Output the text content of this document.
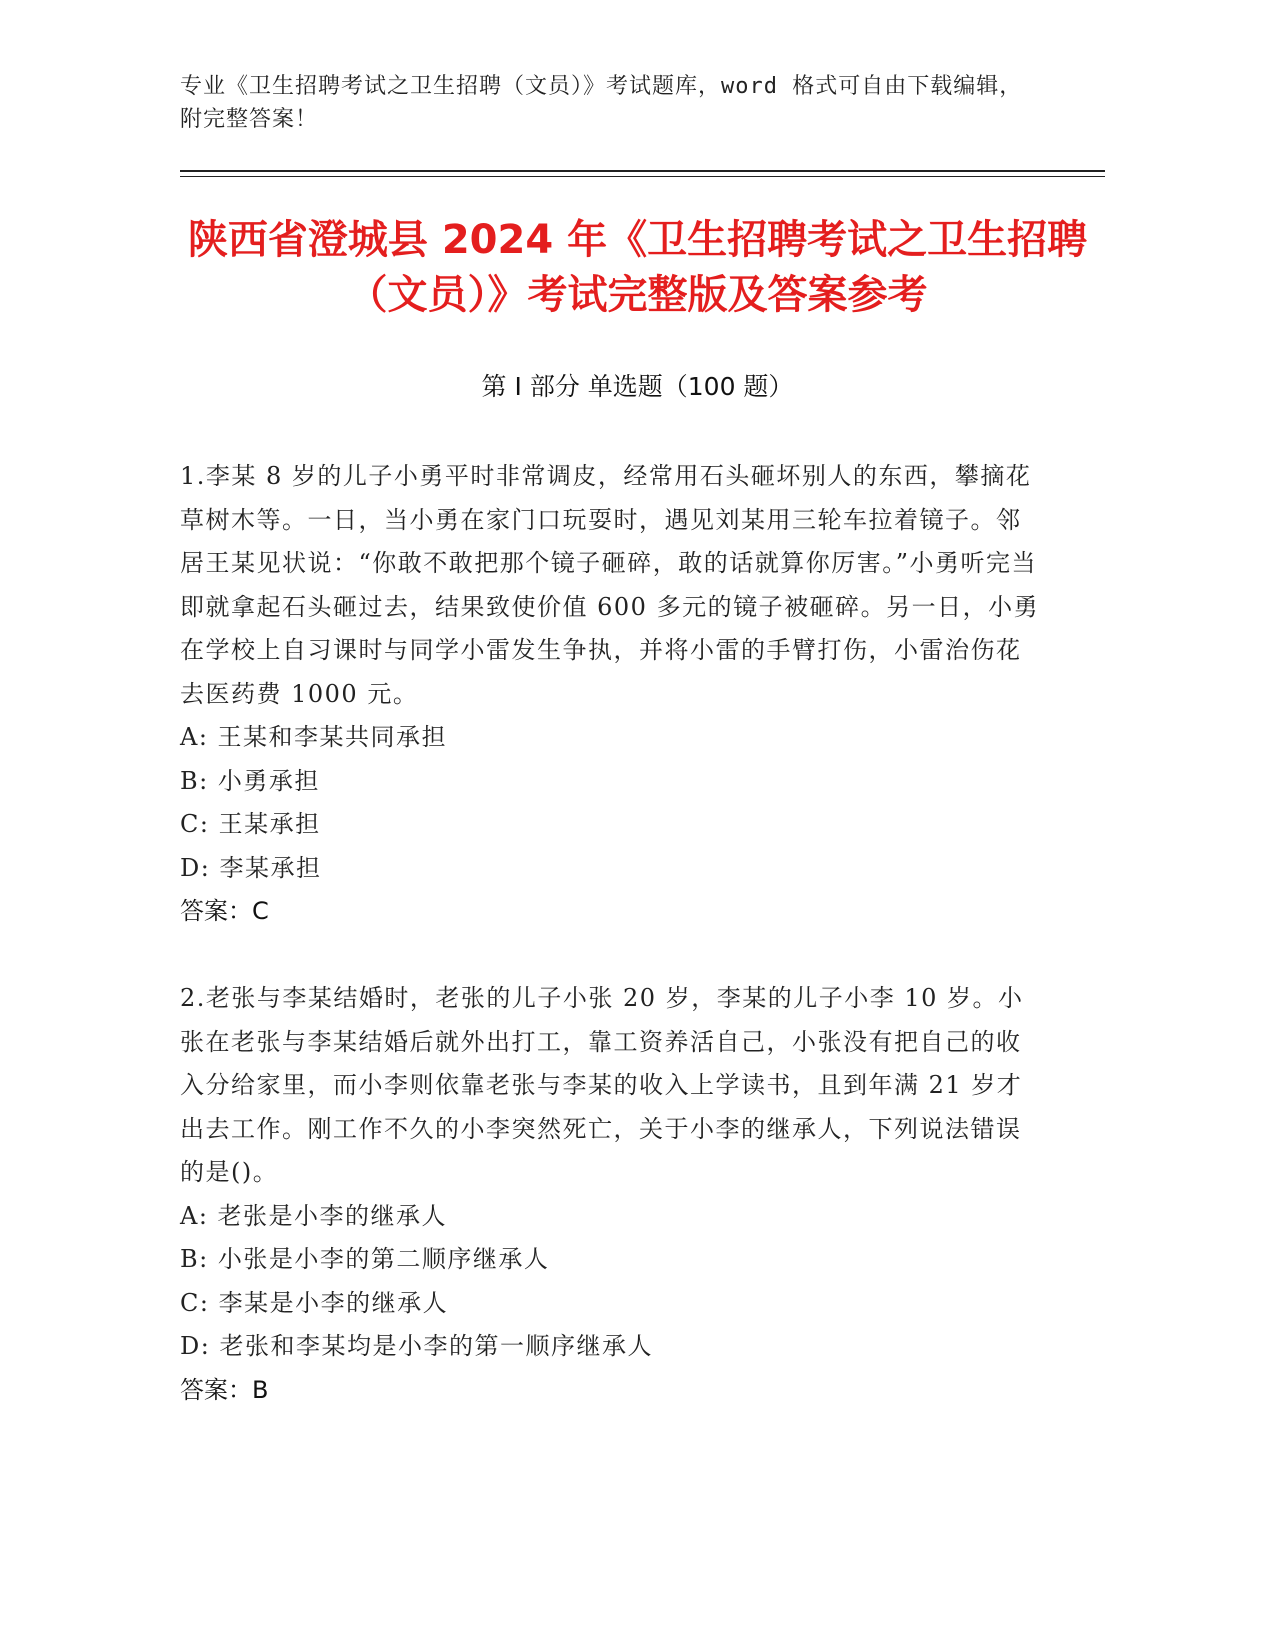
专业《卫生招聘考试之卫生招聘（文员）》考试题库，word 格式可自由下载编辑，附完整答案！
陕西省澄城县 2024 年《卫生招聘考试之卫生招聘（文员）》考试完整版及答案参考
第 I 部分 单选题（100 题）
1.李某 8 岁的儿子小勇平时非常调皮，经常用石头砸坏别人的东西，攀摘花草树木等。一日，当小勇在家门口玩耍时，遇见刘某用三轮车拉着镜子。邻居王某见状说：“你敢不敢把那个镜子砸碎，敢的话就算你厉害。”小勇听完当即就拿起石头砸过去，结果致使价值 600 多元的镜子被砸碎。另一日，小勇在学校上自习课时与同学小雷发生争执，并将小雷的手臂打伤，小雷治伤花去医药费 1000 元。
A: 王某和李某共同承担
B: 小勇承担
C: 王某承担
D: 李某承担
答案：C
2.老张与李某结婚时，老张的儿子小张 20 岁，李某的儿子小李 10 岁。小张在老张与李某结婚后就外出打工，靠工资养活自己，小张没有把自己的收入分给家里，而小李则依靠老张与李某的收入上学读书，且到年满 21 岁才出去工作。刚工作不久的小李突然死亡，关于小李的继承人，下列说法错误的是()。
A: 老张是小李的继承人
B: 小张是小李的第二顺序继承人
C: 李某是小李的继承人
D: 老张和李某均是小李的第一顺序继承人
答案：B
